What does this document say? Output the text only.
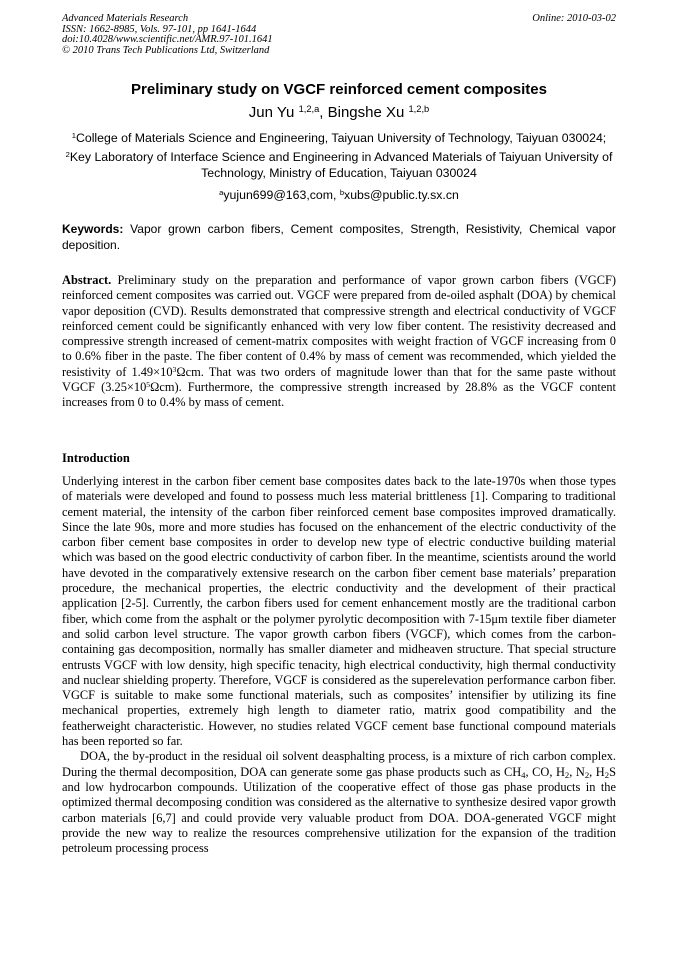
Advanced Materials Research
ISSN: 1662-8985, Vols. 97-101, pp 1641-1644
doi:10.4028/www.scientific.net/AMR.97-101.1641
© 2010 Trans Tech Publications Ltd, Switzerland
Online: 2010-03-02
Preliminary study on VGCF reinforced cement composites
Jun Yu $^{1,2,a}$, Bingshe Xu $^{1,2,b}$
$^1$College of Materials Science and Engineering, Taiyuan University of Technology, Taiyuan 030024;
$^2$Key Laboratory of Interface Science and Engineering in Advanced Materials of Taiyuan University of Technology, Ministry of Education, Taiyuan 030024
$^a$yujun699@163,com, $^b$xubs@public.ty.sx.cn
Keywords: Vapor grown carbon fibers, Cement composites, Strength, Resistivity, Chemical vapor deposition.
Abstract. Preliminary study on the preparation and performance of vapor grown carbon fibers (VGCF) reinforced cement composites was carried out. VGCF were prepared from de-oiled asphalt (DOA) by chemical vapor deposition (CVD). Results demonstrated that compressive strength and electrical conductivity of VGCF reinforced cement could be significantly enhanced with very low fiber content. The resistivity decreased and compressive strength increased of cement-matrix composites with weight fraction of VGCF increasing from 0 to 0.6% fiber in the paste. The fiber content of 0.4% by mass of cement was recommended, which yielded the resistivity of $1.49\times 10^3\Omega cm$. That was two orders of magnitude lower than that for the same paste without VGCF $(3.25\times 10^5\Omega cm)$. Furthermore, the compressive strength increased by 28.8% as the VGCF content increases from 0 to 0.4% by mass of cement.
Introduction

Underlying interest in the carbon fiber cement base composites dates back to the late-1970s when those types of materials were developed and found to possess much less material brittleness [1]. Comparing to traditional cement material, the intensity of the carbon fiber reinforced cement base composites improved dramatically. Since the late 90s, more and more studies has focused on the enhancement of the electric conductivity of the carbon fiber cement base composites in order to develop new type of electric conductive building material which was based on the good electric conductivity of carbon fiber. In the meantime, scientists around the world have devoted in the comparatively extensive research on the carbon fiber cement base materials’ preparation procedure, the mechanical properties, the electric conductivity and the development of their practical application [2-5]. Currently, the carbon fibers used for cement enhancement mostly are the traditional carbon fiber, which come from the asphalt or the polymer pyrolytic decomposition with 7-15μm textile fiber diameter and solid carbon level structure. The vapor growth carbon fibers (VGCF), which comes from the carbon-containing gas decomposition, normally has smaller diameter and midheaven structure. That special structure entrusts VGCF with low density, high specific tenacity, high electrical conductivity, high thermal conductivity and nuclear shielding property. Therefore, VGCF is considered as the superelevation performance carbon fiber. VGCF is suitable to make some functional materials, such as composites’ intensifier by utilizing its fine mechanical properties, extremely high length to diameter ratio, matrix good compatibility and the featherweight characteristic. However, no studies related VGCF cement base functional compound materials has been reported so far.

DOA, the by-product in the residual oil solvent deasphalting process, is a mixture of rich carbon complex. During the thermal decomposition, DOA can generate some gas phase products such as $CH_4$, CO, $H_2$, $N_2$, $H_2S$ and low hydrocarbon compounds. Utilization of the cooperative effect of those gas phase products in the optimized thermal decomposing condition was considered as the alternative to synthesize desired vapor growth carbon materials [6,7] and could provide very valuable product from DOA. DOA-generated VGCF might provide the new way to realize the resources comprehensive utilization for the expansion of the tradition petroleum processing process
